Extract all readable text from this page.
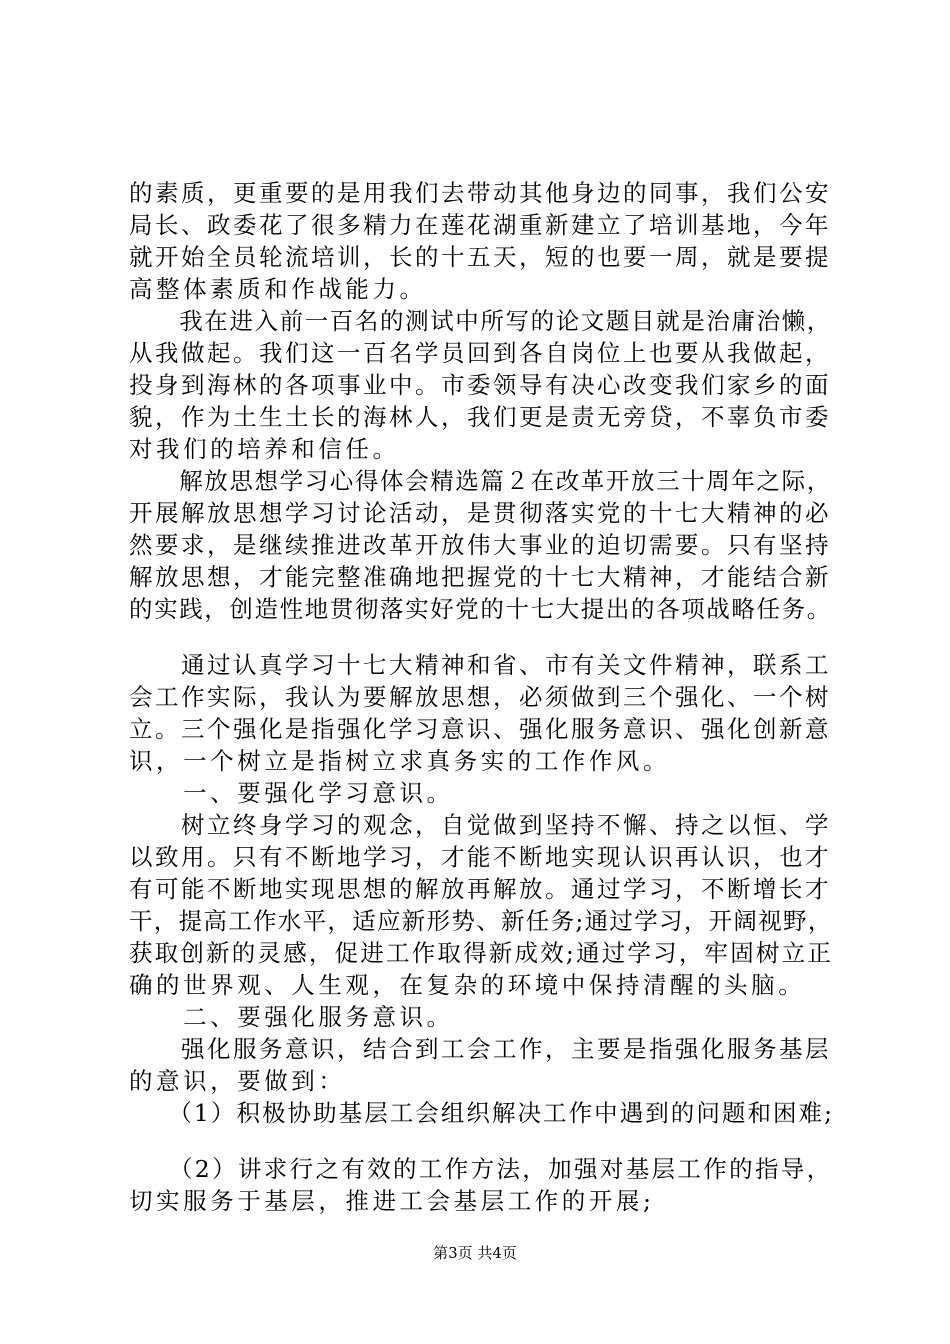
的素质，更重要的是用我们去带动其他身边的同事，我们公安
局长、政委花了很多精力在莲花湖重新建立了培训基地，今年
就开始全员轮流培训，长的十五天，短的也要一周，就是要提
高整体素质和作战能力。
　　我在进入前一百名的测试中所写的论文题目就是治庸治懒，
从我做起。我们这一百名学员回到各自岗位上也要从我做起，
投身到海林的各项事业中。市委领导有决心改变我们家乡的面
貌，作为土生土长的海林人，我们更是责无旁贷，不辜负市委
对我们的培养和信任。
　　解放思想学习心得体会精选篇２在改革开放三十周年之际，
开展解放思想学习讨论活动，是贯彻落实党的十七大精神的必
然要求，是继续推进改革开放伟大事业的迫切需要。只有坚持
解放思想，才能完整准确地把握党的十七大精神，才能结合新
的实践，创造性地贯彻落实好党的十七大提出的各项战略任务。
　　通过认真学习十七大精神和省、市有关文件精神，联系工
会工作实际，我认为要解放思想，必须做到三个强化、一个树
立。三个强化是指强化学习意识、强化服务意识、强化创新意
识，一个树立是指树立求真务实的工作作风。
　　一、要强化学习意识。
　　树立终身学习的观念，自觉做到坚持不懈、持之以恒、学
以致用。只有不断地学习，才能不断地实现认识再认识，也才
有可能不断地实现思想的解放再解放。通过学习，不断增长才
干，提高工作水平，适应新形势、新任务;通过学习，开阔视野，
获取创新的灵感，促进工作取得新成效;通过学习，牢固树立正
确的世界观、人生观，在复杂的环境中保持清醒的头脑。
　　二、要强化服务意识。
　　强化服务意识，结合到工会工作，主要是指强化服务基层
的意识，要做到：
　　（1）积极协助基层工会组织解决工作中遇到的问题和困难;
　　（2）讲求行之有效的工作方法，加强对基层工作的指导，
切实服务于基层，推进工会基层工作的开展;
第3页 共4页
